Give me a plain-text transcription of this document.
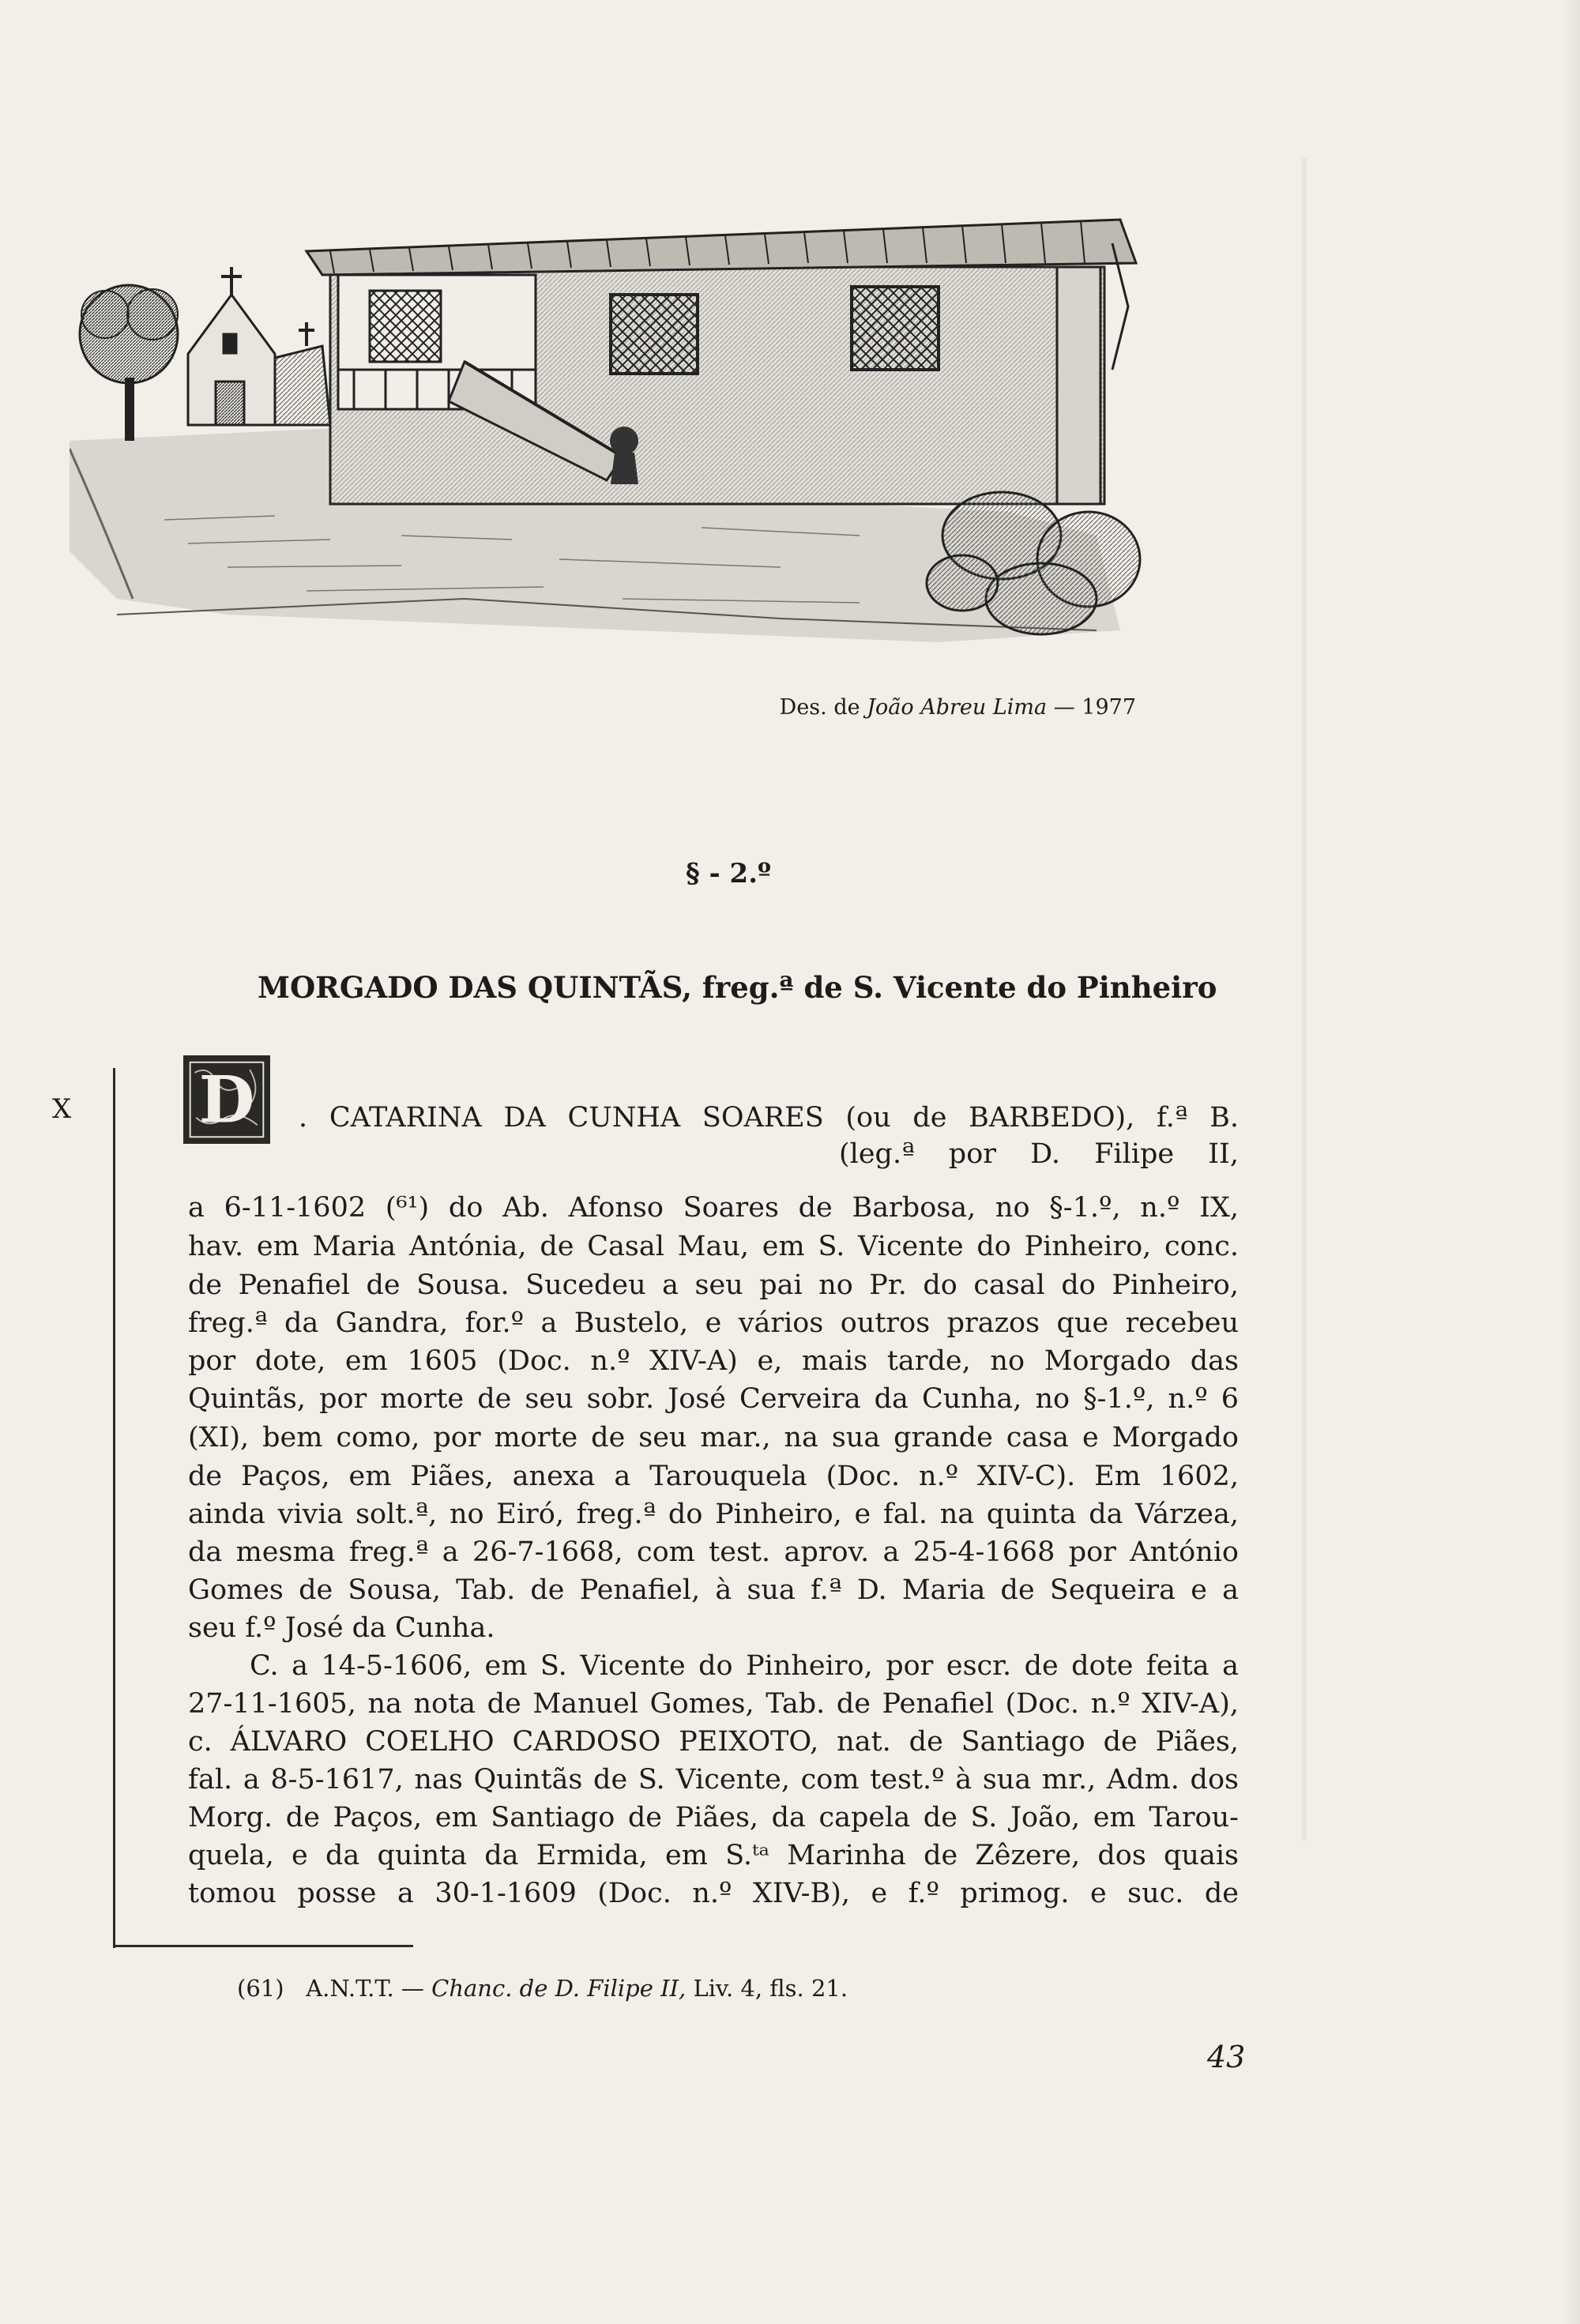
Des. de João Abreu Lima — 1977
§ - 2.º
MORGADO DAS QUINTÃS, freg.ª de S. Vicente do Pinheiro
X D . CATARINA DA CUNHA SOARES (ou de BARBEDO), f.ª B.
(leg.ª por D. Filipe II,
a 6-11-1602 (⁶¹) do Ab. Afonso Soares de Barbosa, no §-1.º, n.º IX,
hav. em Maria Antónia, de Casal Mau, em S. Vicente do Pinheiro, conc.
de Penafiel de Sousa. Sucedeu a seu pai no Pr. do casal do Pinheiro,
freg.ª da Gandra, for.º a Bustelo, e vários outros prazos que recebeu
por dote, em 1605 (Doc. n.º XIV-A) e, mais tarde, no Morgado das
Quintãs, por morte de seu sobr. José Cerveira da Cunha, no §-1.º, n.º 6
(XI), bem como, por morte de seu mar., na sua grande casa e Morgado
de Paços, em Piães, anexa a Tarouquela (Doc. n.º XIV-C). Em 1602,
ainda vivia solt.ª, no Eiró, freg.ª do Pinheiro, e fal. na quinta da Várzea,
da mesma freg.ª a 26-7-1668, com test. aprov. a 25-4-1668 por António
Gomes de Sousa, Tab. de Penafiel, à sua f.ª D. Maria de Sequeira e a
seu f.º José da Cunha.
C. a 14-5-1606, em S. Vicente do Pinheiro, por escr. de dote feita a
27-11-1605, na nota de Manuel Gomes, Tab. de Penafiel (Doc. n.º XIV-A),
c. ÁLVARO COELHO CARDOSO PEIXOTO, nat. de Santiago de Piães,
fal. a 8-5-1617, nas Quintãs de S. Vicente, com test.º à sua mr., Adm. dos
Morg. de Paços, em Santiago de Piães, da capela de S. João, em Tarou-
quela, e da quinta da Ermida, em S.ᵗᵃ Marinha de Zêzere, dos quais
tomou posse a 30-1-1609 (Doc. n.º XIV-B), e f.º primog. e suc. de
(61) A.N.T.T. — Chanc. de D. Filipe II, Liv. 4, fls. 21.
43
